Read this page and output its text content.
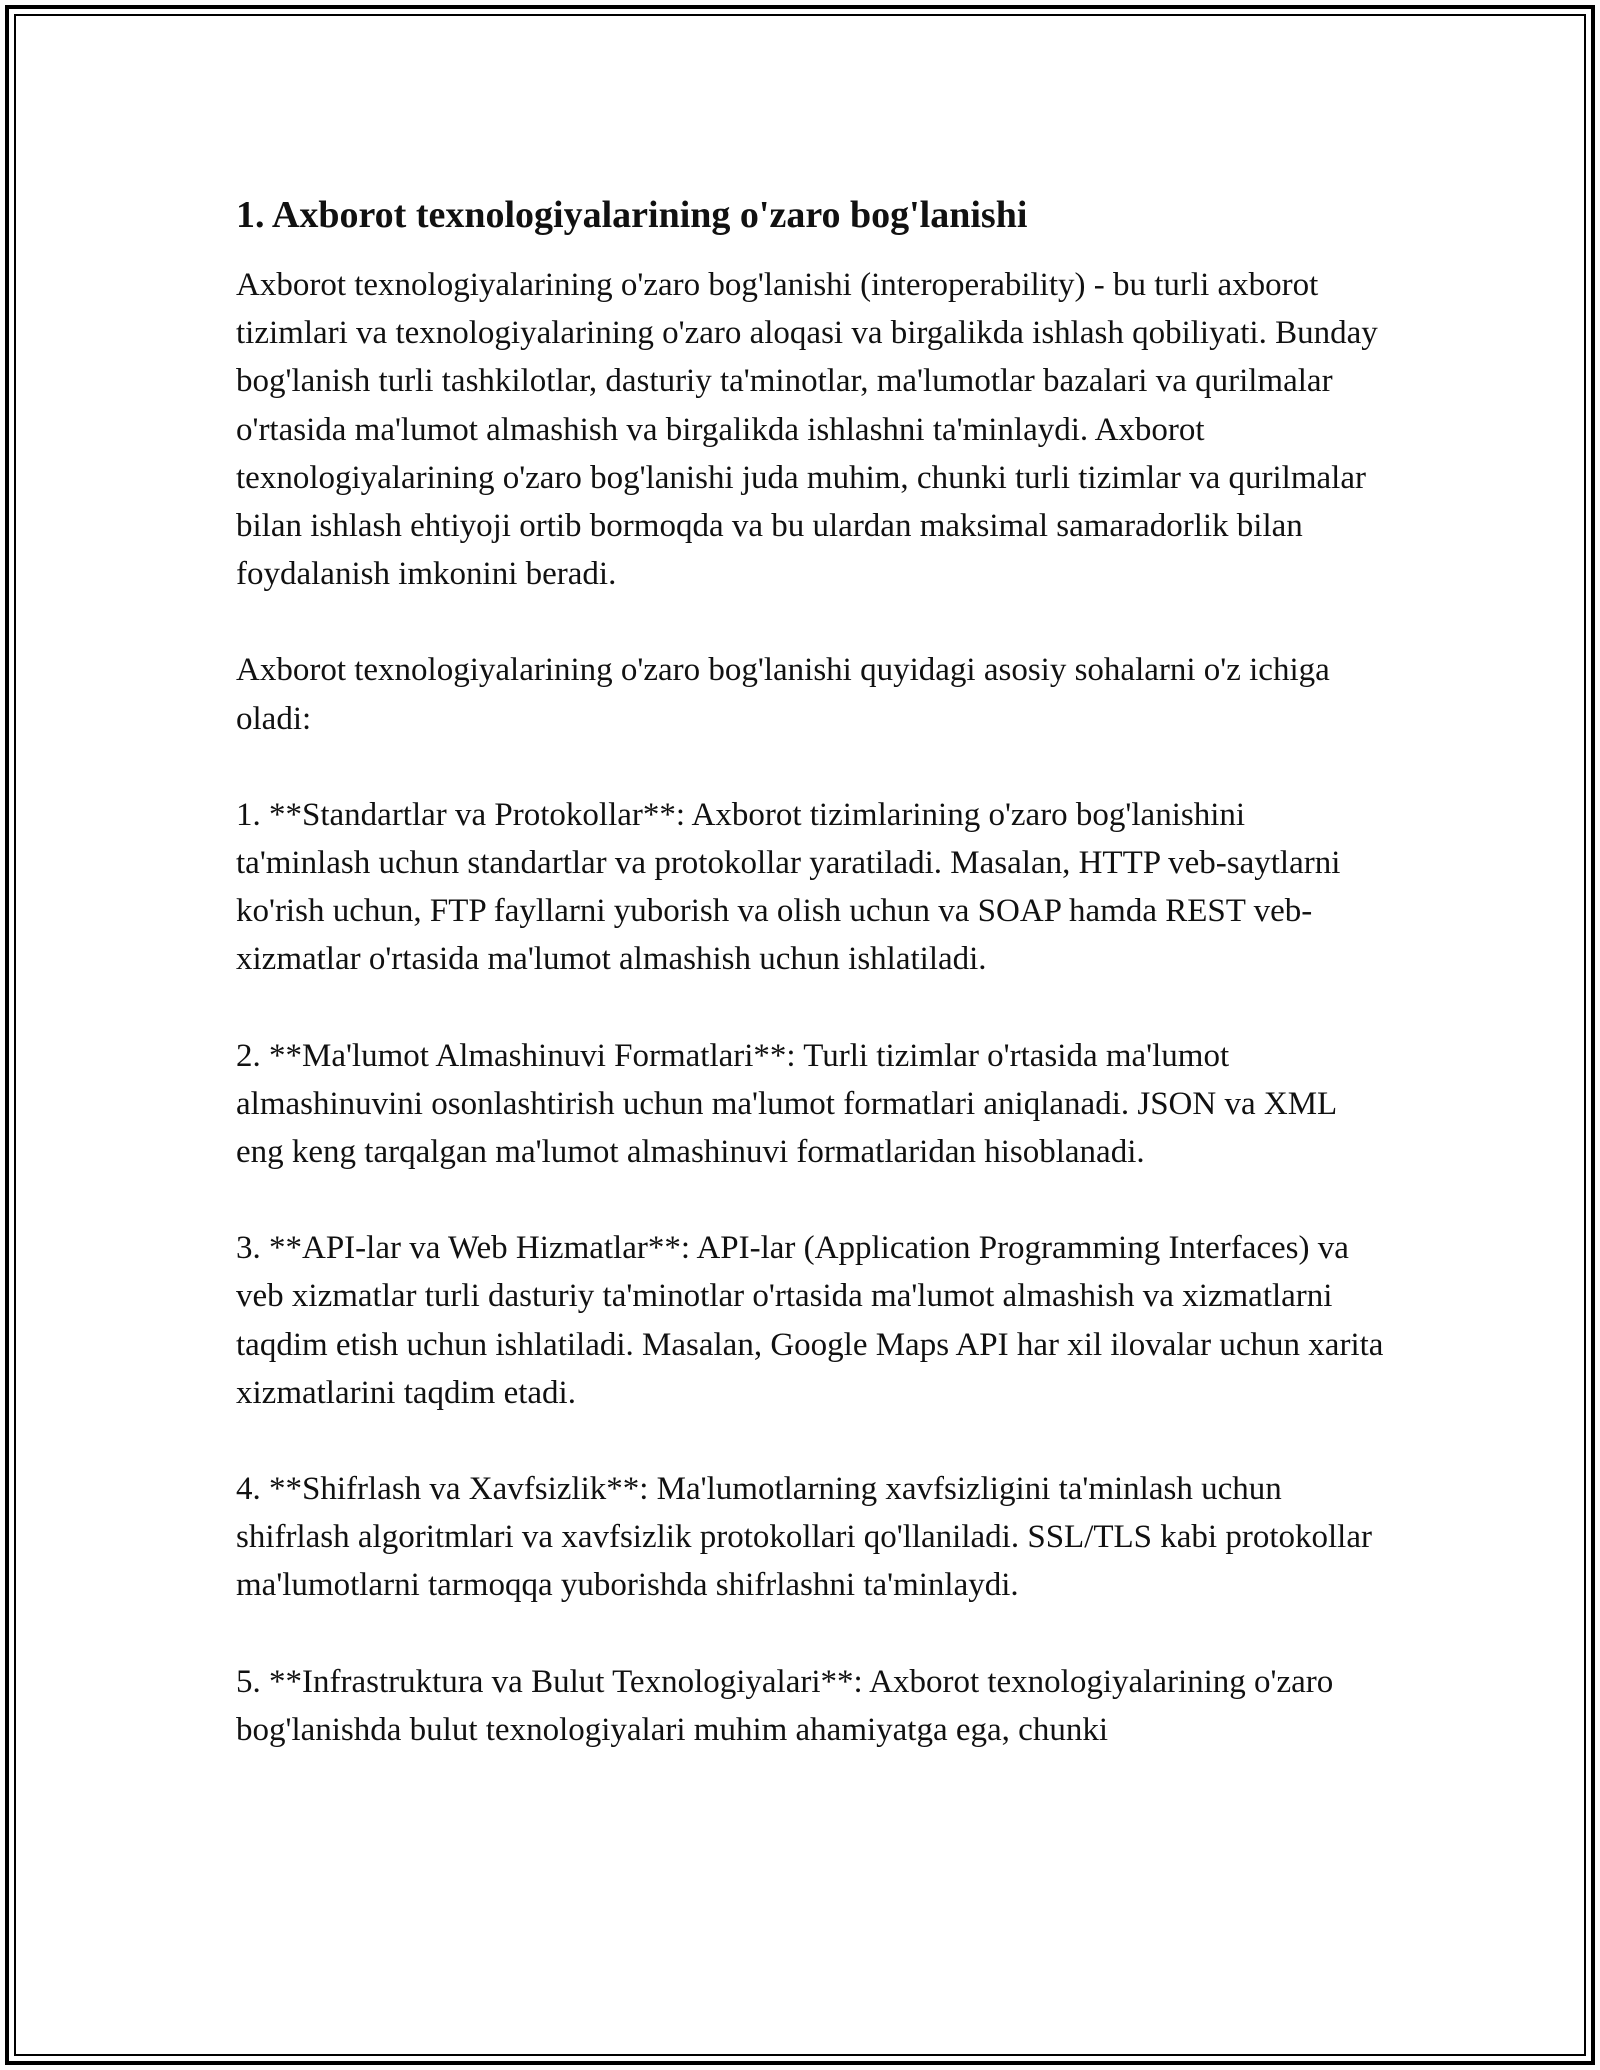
1. Axborot texnologiyalarining o'zaro bog'lanishi

Axborot texnologiyalarining o'zaro bog'lanishi (interoperability) - bu turli axborot tizimlari va texnologiyalarining o'zaro aloqasi va birgalikda ishlash qobiliyati. Bunday bog'lanish turli tashkilotlar, dasturiy ta'minotlar, ma'lumotlar bazalari va qurilmalar o'rtasida ma'lumot almashish va birgalikda ishlashni ta'minlaydi. Axborot texnologiyalarining o'zaro bog'lanishi juda muhim, chunki turli tizimlar va qurilmalar bilan ishlash ehtiyoji ortib bormoqda va bu ulardan maksimal samaradorlik bilan foydalanish imkonini beradi.

Axborot texnologiyalarining o'zaro bog'lanishi quyidagi asosiy sohalarni o'z ichiga oladi:

1. **Standartlar va Protokollar**: Axborot tizimlarining o'zaro bog'lanishini ta'minlash uchun standartlar va protokollar yaratiladi. Masalan, HTTP veb-saytlarni ko'rish uchun, FTP fayllarni yuborish va olish uchun va SOAP hamda REST veb-xizmatlar o'rtasida ma'lumot almashish uchun ishlatiladi.

2. **Ma'lumot Almashinuvi Formatlari**: Turli tizimlar o'rtasida ma'lumot almashinuvini osonlashtirish uchun ma'lumot formatlari aniqlanadi. JSON va XML eng keng tarqalgan ma'lumot almashinuvi formatlaridan hisoblanadi.

3. **API-lar va Web Hizmatlar**: API-lar (Application Programming Interfaces) va veb xizmatlar turli dasturiy ta'minotlar o'rtasida ma'lumot almashish va xizmatlarni taqdim etish uchun ishlatiladi. Masalan, Google Maps API har xil ilovalar uchun xarita xizmatlarini taqdim etadi.

4. **Shifrlash va Xavfsizlik**: Ma'lumotlarning xavfsizligini ta'minlash uchun shifrlash algoritmlari va xavfsizlik protokollari qo'llaniladi. SSL/TLS kabi protokollar ma'lumotlarni tarmoqqa yuborishda shifrlashni ta'minlaydi.

5. **Infrastruktura va Bulut Texnologiyalari**: Axborot texnologiyalarining o'zaro bog'lanishda bulut texnologiyalari muhim ahamiyatga ega, chunki
